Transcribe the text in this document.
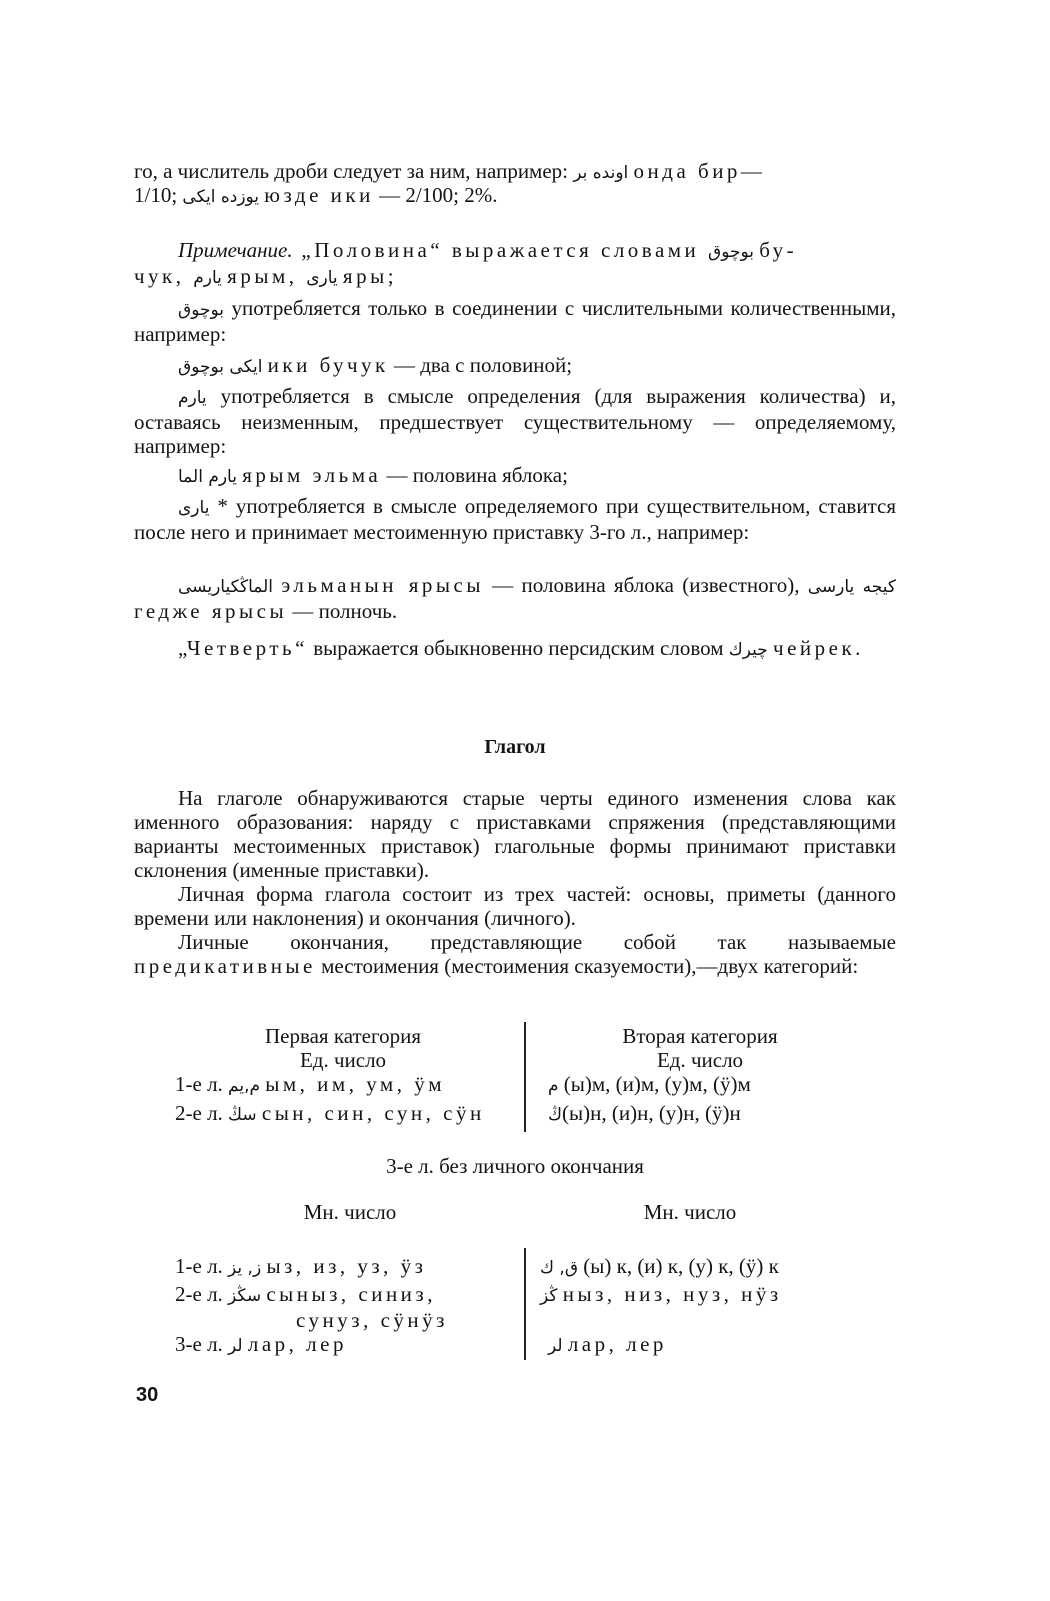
го, а числитель дроби следует за ним, например: اونده بر онда бир—

1/10; يوزده ايكى юзде ики — 2/100; 2%.

Примечание. „Половина“ выражается словами بوچوق бу-
чук, يارم ярым, يارى яры;

بوچوق употребляется только в соединении с числительными количественными, например:

ايكى بوچوق ики бучук — два с половиной;

يارم употребляется в смысле определения (для выражения количества) и, оставаясь неизменным, предшествует существительному — определяемому, например:

يارم الما ярым эльма — половина яблока;

يارى * употребляется в смысле определяемого при существительном, ставится после него и принимает местоименную приставку 3-го л., например:

الماڭكياريسى эльманын ярысы — половина яблока (известного), كيجه يارسى гедже ярысы — полночь.

„Четверть“ выражается обыкновенно персидским словом چيرك чейрек.

Глагол

На глаголе обнаруживаются старые черты единого изменения слова как именного образования: наряду с приставками спряжения (представляющими варианты местоименных приставок) глагольные формы принимают приставки склонения (именные приставки).

Личная форма глагола состоит из трех частей: основы, приметы (данного времени или наклонения) и окончания (личного).

Личные окончания, представляющие собой так называемые предикативные местоимения (местоимения сказуемости),—двух категорий:

Первая категория
Ед. число
Вторая категория
Ед. число
1-е л. م,يم ым, им, ум, ӱм
2-е л. سڭ сын, син, сун, сӱн
م (ы)м, (и)м, (у)м, (ӱ)м
ڭ(ы)н, (и)н, (у)н, (ӱ)н
3-е л. без личного окончания
Мн. число	Мн. число
1-е л. ز, يز ыз, из, уз, ӱз
2-е л. سڭز сыныз, синиз,
сунуз, сӱнӱз
3-е л. لر лар, лер
ق, ك (ы) к, (и) к, (у) к, (ӱ) к
ڭز ныз, низ, нуз, нӱз
لر лар, лер
30
